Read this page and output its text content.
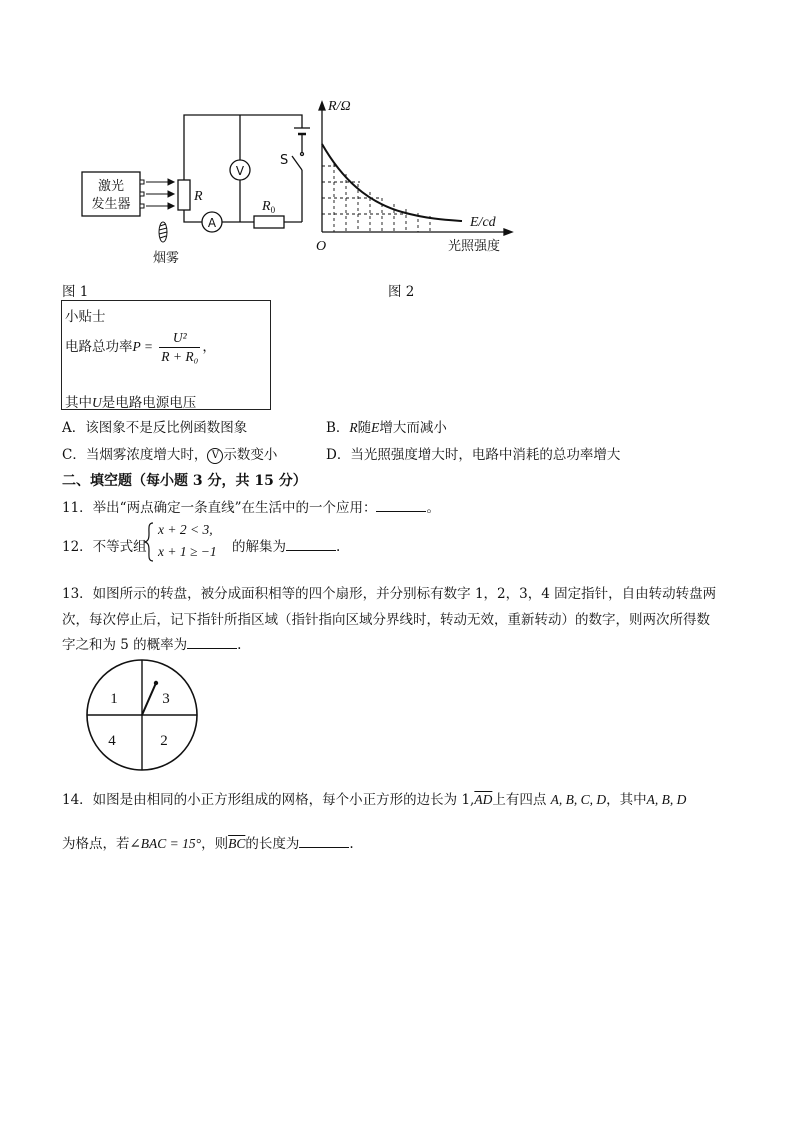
激光
发生器
烟雾
R
V
A
$R_0$
S
R/Ω
E/cd
O	光照强度
图 1	图 2
小贴士
电路总功率$P = \frac{\text{U²}}{\text{R + R₀}}$ ，
其中U是电路电源电压
A．该图象不是反比例函数图象	B．R随E增大而减小
C．当烟雾浓度增大时， V 示数变小	D．当光照强度增大时，电路中消耗的总功率增大
二、填空题（每小题 3 分，共 15 分）
11．举出“两点确定一条直线”在生活中的一个应用：	。
12．不等式组
x + 2 < 3,
x + 1 ≥ −1 的解集为	.
13．如图所示的转盘，被分成面积相等的四个扇形，并分别标有数字 1，2，3，4 固定指针，自由转动转盘两
次，每次停止后，记下指针所指区域（指针指向区域分界线时，转动无效，重新转动）的数字，则两次所得数
字之和为 5 的概率为	.
1	3
4	2
14．如图是由相同的小正方形组成的网格，每个小正方形的边长为 $1,\overline{AD}$上有四点 A, B, C, D，其中A, B, D
为格点，若∠BAC = 15°，则$\overline{BC}$的长度为	.
